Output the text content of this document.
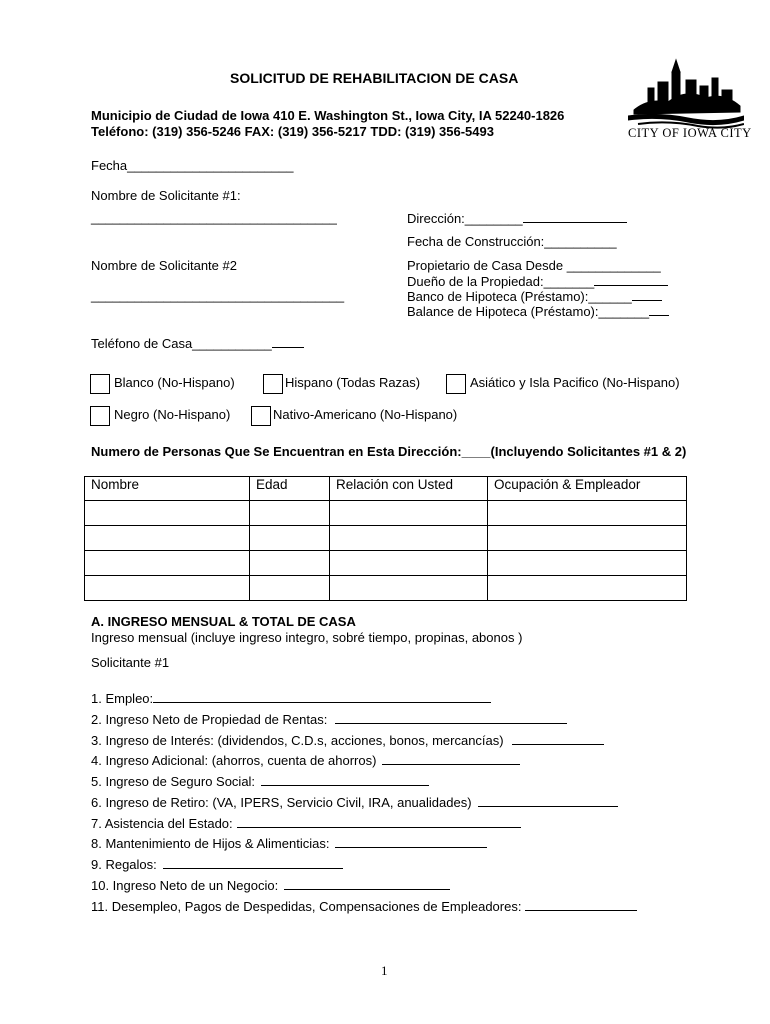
SOLICITUD DE REHABILITACION DE CASA
Municipio de Ciudad de Iowa 410 E. Washington St., Iowa City, IA 52240-1826
Teléfono: (319) 356-5246 FAX: (319) 356-5217 TDD: (319) 356-5493	CITY OF IOWA CITY
Fecha_______________________
Nombre de Solicitante #1:
__________________________________	Dirección:________
Fecha de Construcción:__________
Nombre de Solicitante #2
___________________________________
Propietario de Casa Desde _____________
Dueño de la Propiedad:_______
Banco de Hipoteca (Préstamo):______
Balance de Hipoteca (Préstamo):_______
Teléfono de Casa___________
Blanco (No-Hispano)	Hispano (Todas Razas)	Asiático y Isla Pacifico (No-Hispano)
Negro (No-Hispano)	Nativo-Americano (No-Hispano)
Numero de Personas Que Se Encuentran en Esta Dirección:____(Incluyendo Solicitantes #1 & 2)
Nombre	Edad	Relación con Usted	Ocupación & Empleador

A. INGRESO MENSUAL & TOTAL DE CASA
Ingreso mensual (incluye ingreso integro, sobré tiempo, propinas, abonos )
Solicitante #1
1. Empleo:
2. Ingreso Neto de Propiedad de Rentas:
3. Ingreso de Interés: (dividendos, C.D.s, acciones, bonos, mercancías)
4. Ingreso Adicional: (ahorros, cuenta de ahorros)
5. Ingreso de Seguro Social:
6. Ingreso de Retiro: (VA, IPERS, Servicio Civil, IRA, anualidades)
7. Asistencia del Estado:
8. Mantenimiento de Hijos & Alimenticias:
9. Regalos:
10. Ingreso Neto de un Negocio:
11. Desempleo, Pagos de Despedidas, Compensaciones de Empleadores:
1
